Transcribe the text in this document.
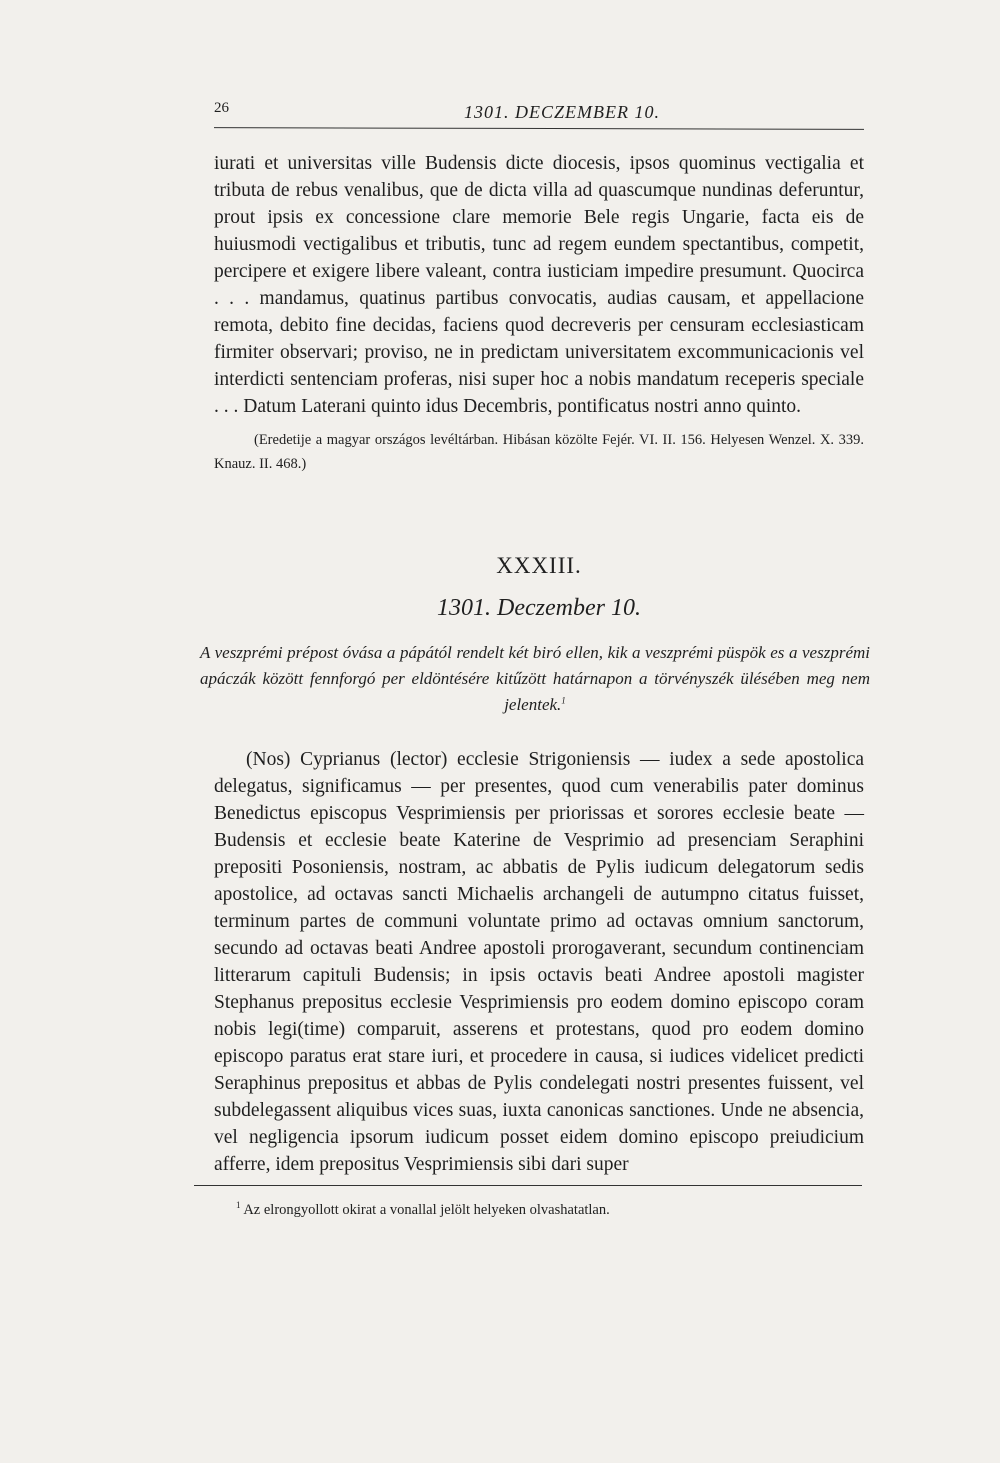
26	1301. DECZEMBER 10.

iurati et universitas ville Budensis dicte diocesis, ipsos quominus vectigalia et tributa de rebus venalibus, que de dicta villa ad quascumque nundinas deferuntur, prout ipsis ex concessione clare memorie Bele regis Ungarie, facta eis de huiusmodi vectigalibus et tributis, tunc ad regem eundem spectantibus, competit, percipere et exigere libere valeant, contra iusticiam impedire presumunt. Quocirca . . . mandamus, quatinus partibus convocatis, audias causam, et appellacione remota, debito fine decidas, faciens quod decreveris per censuram ecclesiasticam firmiter observari; proviso, ne in predictam universitatem excommunicacionis vel interdicti sentenciam proferas, nisi super hoc a nobis mandatum receperis speciale . . . Datum Laterani quinto idus Decembris, pontificatus nostri anno quinto.

(Eredetije a magyar országos levéltárban. Hibásan közölte Fejér. VI. II. 156. Helyesen Wenzel. X. 339. Knauz. II. 468.)

XXXIII.
1301. Deczember 10.

A veszprémi prépost óvása a pápától rendelt két biró ellen, kik a veszprémi püspök es a veszprémi apáczák között fennforgó per eldöntésére kitűzött határnapon a törvényszék ülésében meg nem jelentek.$^1$

(Nos) Cyprianus (lector) ecclesie Strigoniensis — iudex a sede apostolica delegatus, significamus — per presentes, quod cum venerabilis pater dominus Benedictus episcopus Vesprimiensis per priorissas et sorores ecclesie beate — Budensis et ecclesie beate Katerine de Vesprimio ad presenciam Seraphini prepositi Posoniensis, nostram, ac abbatis de Pylis iudicum delegatorum sedis apostolice, ad octavas sancti Michaelis archangeli de autumpno citatus fuisset, terminum partes de communi voluntate primo ad octavas omnium sanctorum, secundo ad octavas beati Andree apostoli prorogaverant, secundum continenciam litterarum capituli Budensis; in ipsis octavis beati Andree apostoli magister Stephanus prepositus ecclesie Vesprimiensis pro eodem domino episcopo coram nobis legi(time) comparuit, asserens et protestans, quod pro eodem domino episcopo paratus erat stare iuri, et procedere in causa, si iudices videlicet predicti Seraphinus prepositus et abbas de Pylis condelegati nostri presentes fuissent, vel subdelegassent aliquibus vices suas, iuxta canonicas sanctiones. Unde ne absencia, vel negligencia ipsorum iudicum posset eidem domino episcopo preiudicium afferre, idem prepositus Vesprimiensis sibi dari super

$^1$ Az elrongyollott okirat a vonallal jelölt helyeken olvashatatlan.
